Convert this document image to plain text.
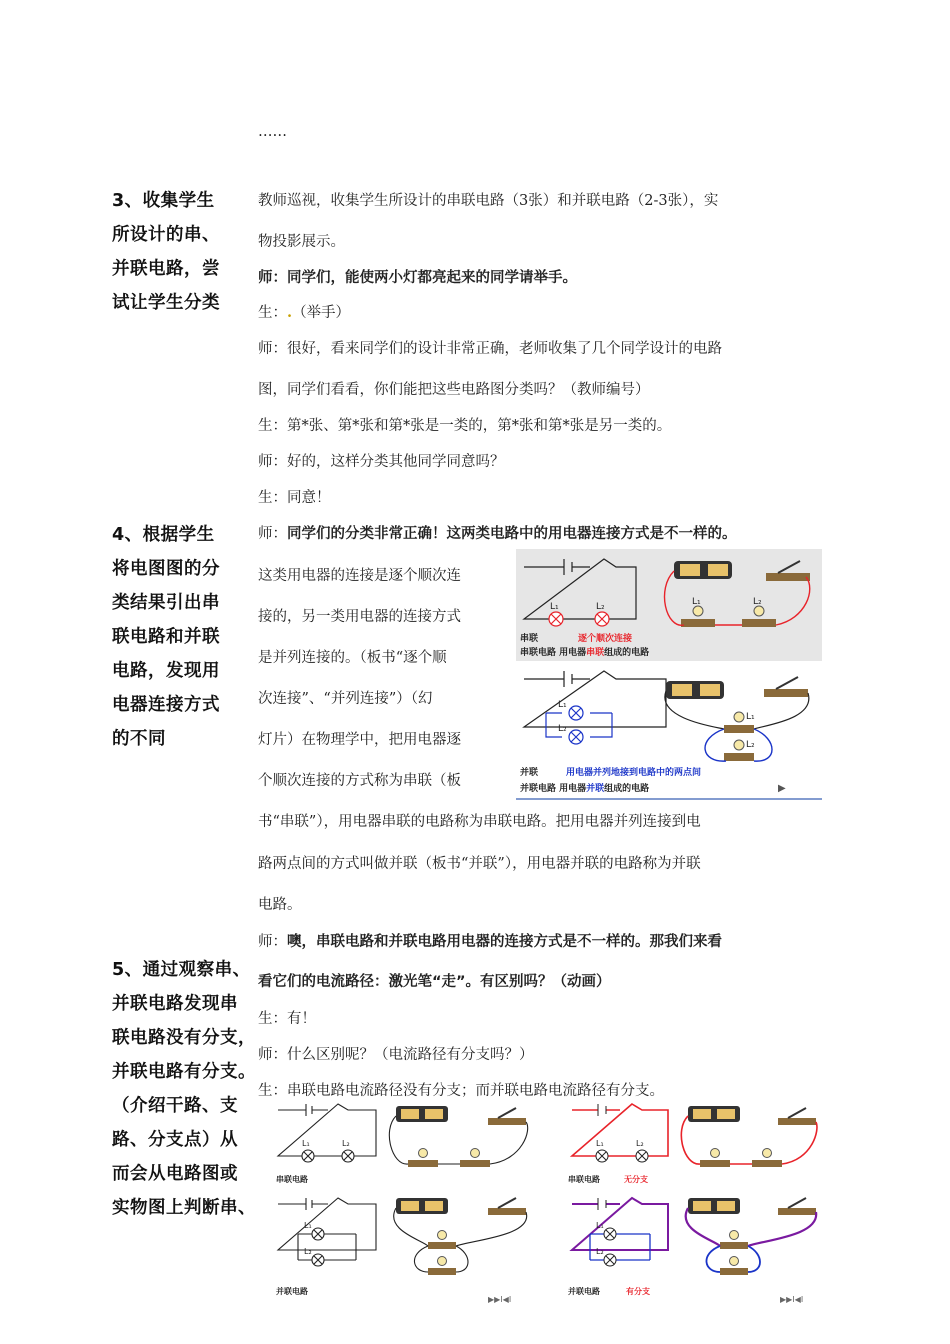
……
3、收集学生
所设计的串、
并联电路，尝
试让学生分类
4、根据学生
将电图图的分
类结果引出串
联电路和并联
电路，发现用
电器连接方式
的不同
5、通过观察串、
并联电路发现串
联电路没有分支，
并联电路有分支。
（介绍干路、支
路、分支点）从
而会从电路图或
实物图上判断串、
教师巡视，收集学生所设计的串联电路（3张）和并联电路（2-3张），实
物投影展示。
师：同学们，能使两小灯都亮起来的同学请举手。
生：.（举手）
师：很好，看来同学们的设计非常正确，老师收集了几个同学设计的电路
图，同学们看看，你们能把这些电路图分类吗？（教师编号）
生：第*张、第*张和第*张是一类的，第*张和第*张是另一类的。
师：好的，这样分类其他同学同意吗？
生：同意！
师：同学们的分类非常正确！这两类电路中的用电器连接方式是不一样的。
这类用电器的连接是逐个顺次连
接的，另一类用电器的连接方式
是并列连接的。（板书“逐个顺
次连接”、“并列连接”）（幻
灯片）在物理学中，把用电器逐
个顺次连接的方式称为串联（板
书“串联”），用电器串联的电路称为串联电路。把用电器并列连接到电
路两点间的方式叫做并联（板书“并联”），用电器并联的电路称为并联
电路。
师：噢，串联电路和并联电路用电器的连接方式是不一样的。那我们来看
看它们的电流路径：激光笔“走”。有区别吗？（动画）
生：有！
师：什么区别呢？（电流路径有分支吗？）
生：串联电路电流路径没有分支；而并联电路电流路径有分支。
L₁	L₂
串联	逐个顺次连接
串联电路 用电器串联组成的电路
L₁	L₂
L₁
L₂
并联	用电器并列地接到电路中的两点间
并联电路 用电器并联组成的电路	▶
L₁
L₂
L₁	L₂
串联电路
L₁
L₂
并联电路
▶▶I◀I
L₁	L₂
串联电路	无分支
L₁
L₂
并联电路	有分支
▶▶I◀I
